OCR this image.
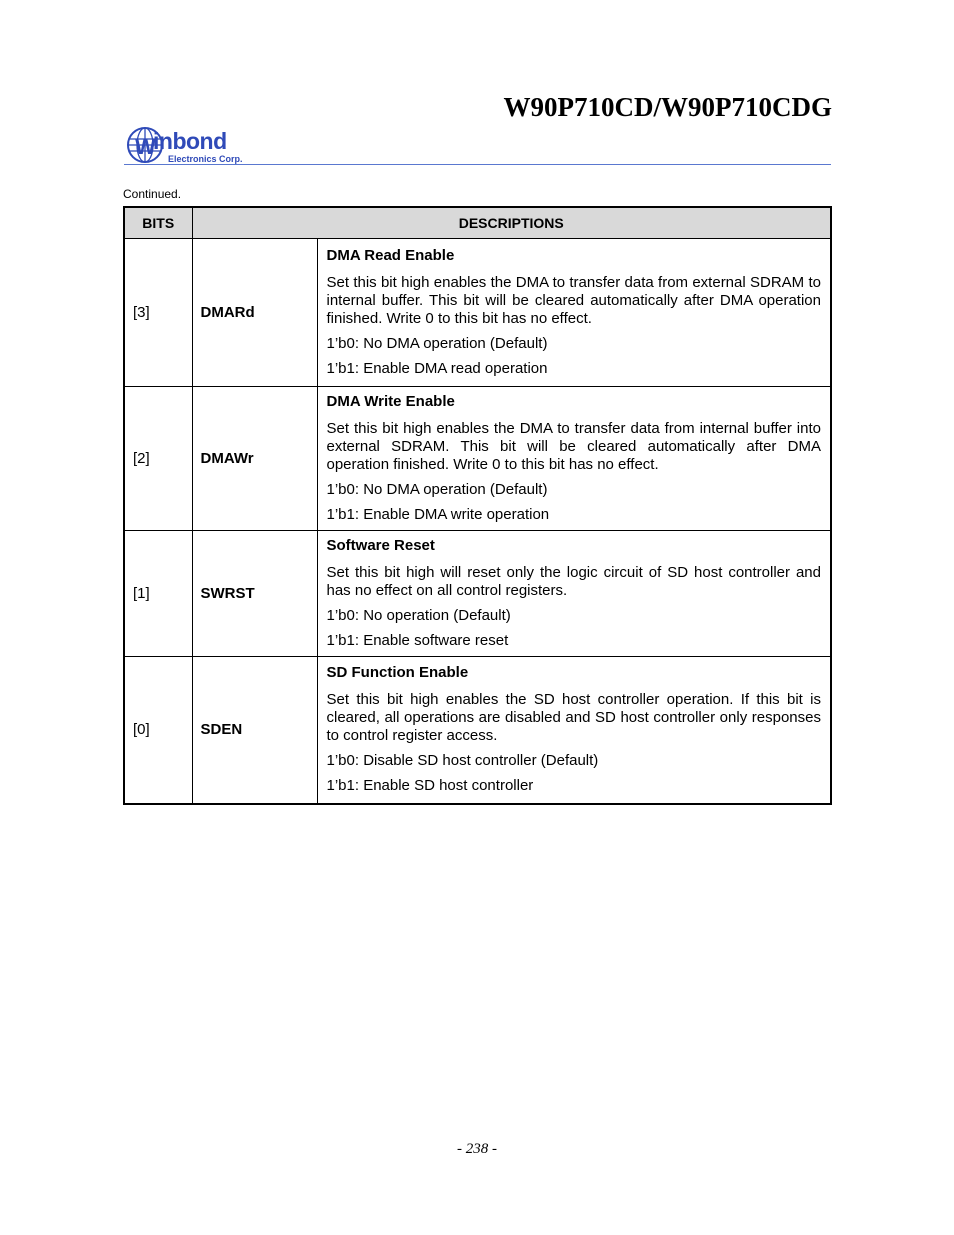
W90P710CD/W90P710CDG
W
inbond
Electronics Corp.
Continued.
BITS	DESCRIPTIONS	
[3]	DMARd	DMA Read Enable
Set this bit high enables the DMA to transfer data from external SDRAM to internal buffer. This bit will be cleared automatically after DMA operation finished. Write 0 to this bit has no effect.
1’b0: No DMA operation (Default)
1’b1: Enable DMA read operation

[2]	DMAWr	DMA Write Enable
Set this bit high enables the DMA to transfer data from internal buffer into external SDRAM. This bit will be cleared automatically after DMA operation finished. Write 0 to this bit has no effect.
1’b0: No DMA operation (Default)
1’b1: Enable DMA write operation

[1]	SWRST	Software Reset
Set this bit high will reset only the logic circuit of SD host controller and has no effect on all control registers.
1’b0: No operation (Default)
1’b1: Enable software reset

[0]	SDEN	SD Function Enable
Set this bit high enables the SD host controller operation. If this bit is cleared, all operations are disabled and SD host controller only responses to control register access.
1’b0: Disable SD host controller (Default)
1’b1: Enable SD host controller
- 238 -
